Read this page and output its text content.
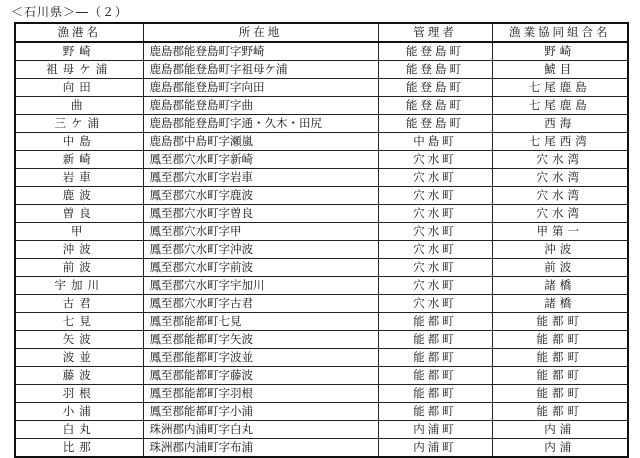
＜石川県＞―（２）
漁港名	所在地	管理者	漁業協同組合名
野崎	鹿島郡能登島町字野崎	能登島町	野崎
祖母ケ浦	鹿島郡能登島町字祖母ケ浦	能登島町	鯱目
向田	鹿島郡能登島町字向田	能登島町	七尾鹿島
曲	鹿島郡能登島町字曲	能登島町	七尾鹿島
三ケ浦	鹿島郡能登島町字通・久木・田尻	能登島町	西海
中島	鹿島郡中島町字瀬嵐	中島町	七尾西湾
新崎	鳳至郡穴水町字新崎	穴水町	穴水湾
岩車	鳳至郡穴水町字岩車	穴水町	穴水湾
鹿波	鳳至郡穴水町字鹿波	穴水町	穴水湾
曽良	鳳至郡穴水町字曽良	穴水町	穴水湾
甲	鳳至郡穴水町字甲	穴水町	甲第一
沖波	鳳至郡穴水町字沖波	穴水町	沖波
前波	鳳至郡穴水町字前波	穴水町	前波
宇加川	鳳至郡穴水町字宇加川	穴水町	諸橋
古君	鳳至郡穴水町字古君	穴水町	諸橋
七見	鳳至郡能都町七見	能都町	能都町
矢波	鳳至郡能都町字矢波	能都町	能都町
波並	鳳至郡能都町字波並	能都町	能都町
藤波	鳳至郡能都町字藤波	能都町	能都町
羽根	鳳至郡能都町字羽根	能都町	能都町
小浦	鳳至郡能都町字小浦	能都町	能都町
白丸	珠洲郡内浦町字白丸	内浦町	内浦
比那	珠洲郡内浦町字布浦	内浦町	内浦
